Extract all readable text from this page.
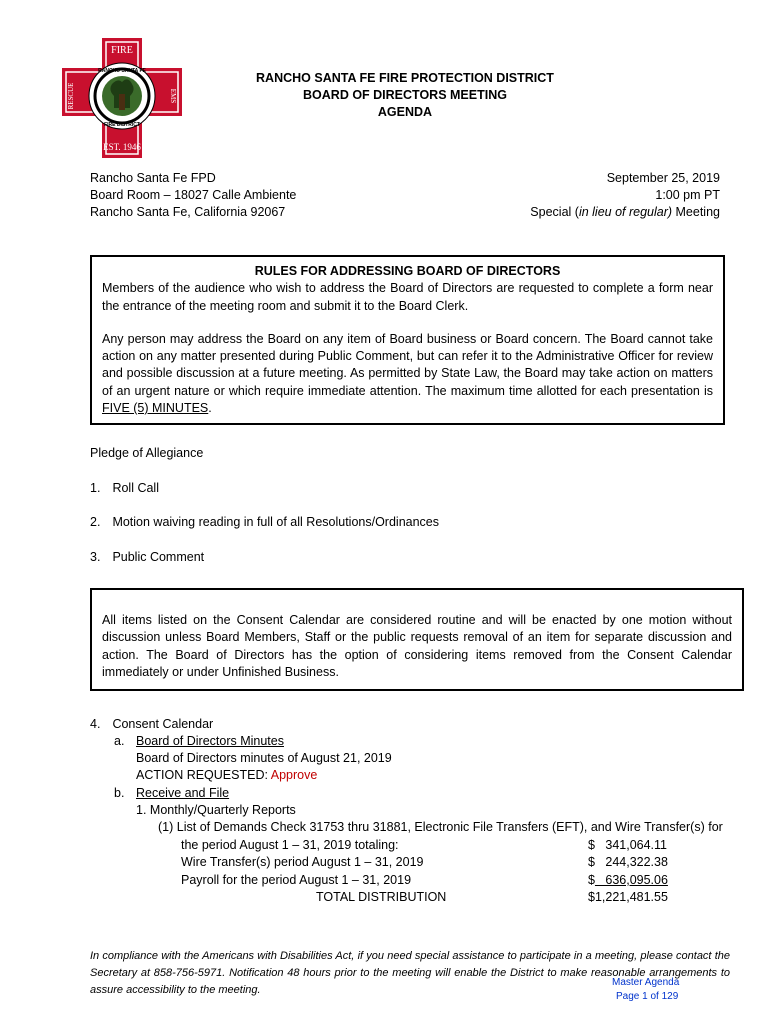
FIRE
EST. 1946
RESCUE	EMS
RANCHO SANTA FE
FIRE DISTRICT
RANCHO SANTA FE FIRE PROTECTION DISTRICT
BOARD OF DIRECTORS MEETING
AGENDA
Rancho Santa Fe FPD
Board Room – 18027 Calle Ambiente
Rancho Santa Fe, California 92067
September 25, 2019
1:00 pm PT
Special (in lieu of regular) Meeting
RULES FOR ADDRESSING BOARD OF DIRECTORS

Members of the audience who wish to address the Board of Directors are requested to complete a form near the entrance of the meeting room and submit it to the Board Clerk.

Any person may address the Board on any item of Board business or Board concern. The Board cannot take action on any matter presented during Public Comment, but can refer it to the Administrative Officer for review and possible discussion at a future meeting. As permitted by State Law, the Board may take action on matters of an urgent nature or which require immediate attention. The maximum time allotted for each presentation is FIVE (5) MINUTES.

Pledge of Allegiance
1. Roll Call
2. Motion waiving reading in full of all Resolutions/Ordinances
3. Public Comment

All items listed on the Consent Calendar are considered routine and will be enacted by one motion without discussion unless Board Members, Staff or the public requests removal of an item for separate discussion and action. The Board of Directors has the option of considering items removed from the Consent Calendar immediately or under Unfinished Business.

4. Consent Calendar
a. Board of Directors Minutes
Board of Directors minutes of August 21, 2019
ACTION REQUESTED: Approve
b. Receive and File
1. Monthly/Quarterly Reports
(1) List of Demands Check 31753 thru 31881, Electronic File Transfers (EFT), and Wire Transfer(s) for
the period August 1 – 31, 2019 totaling:	$   341,064.11
Wire Transfer(s) period August 1 – 31, 2019	$   244,322.38
Payroll for the period August 1 – 31, 2019	$   636,095.06
TOTAL DISTRIBUTION	$1,221,481.55
In compliance with the Americans with Disabilities Act, if you need special assistance to participate in a meeting, please contact the Secretary at 858-756-5971. Notification 48 hours prior to the meeting will enable the District to make reasonable arrangements to assure accessibility to the meeting.
Master Agenda
Page 1 of 129
